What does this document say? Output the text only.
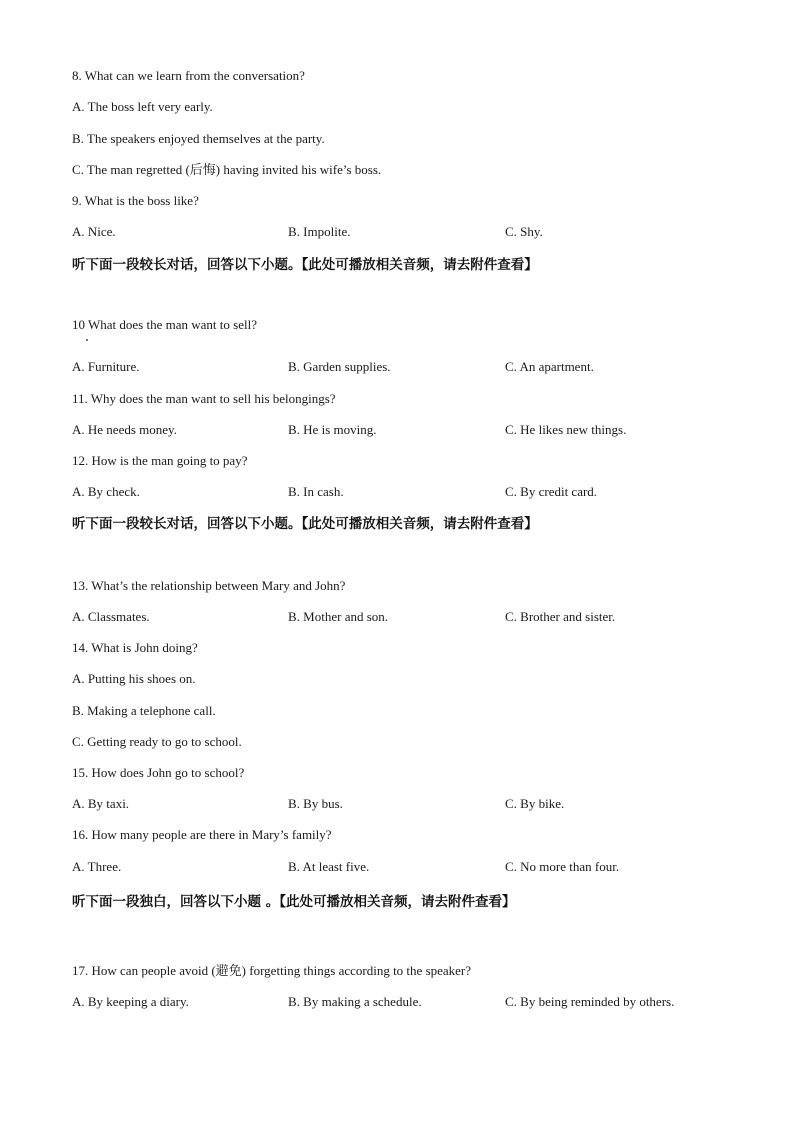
8. What can we learn from the conversation?
A. The boss left very early.
B. The speakers enjoyed themselves at the party.
C. The man regretted (后悔) having invited his wife’s boss.
9. What is the boss like?
A. Nice.	B. Impolite.	C. Shy.
听下面一段较长对话，回答以下小题。【此处可播放相关音频，请去附件查看】
10 What does the man want to sell?
A. Furniture.	B. Garden supplies.	C. An apartment.
11. Why does the man want to sell his belongings?
A. He needs money.	B. He is moving.	C. He likes new things.
12. How is the man going to pay?
A. By check.	B. In cash.	C. By credit card.
听下面一段较长对话，回答以下小题。【此处可播放相关音频，请去附件查看】
13. What’s the relationship between Mary and John?
A. Classmates.	B. Mother and son.	C. Brother and sister.
14. What is John doing?
A. Putting his shoes on.
B. Making a telephone call.
C. Getting ready to go to school.
15. How does John go to school?
A. By taxi.	B. By bus.	C. By bike.
16. How many people are there in Mary’s family?
A. Three.	B. At least five.	C. No more than four.
听下面一段独白，回答以下小题 。【此处可播放相关音频，请去附件查看】
17. How can people avoid (避免) forgetting things according to the speaker?
A. By keeping a diary.	B. By making a schedule.	C. By being reminded by others.
